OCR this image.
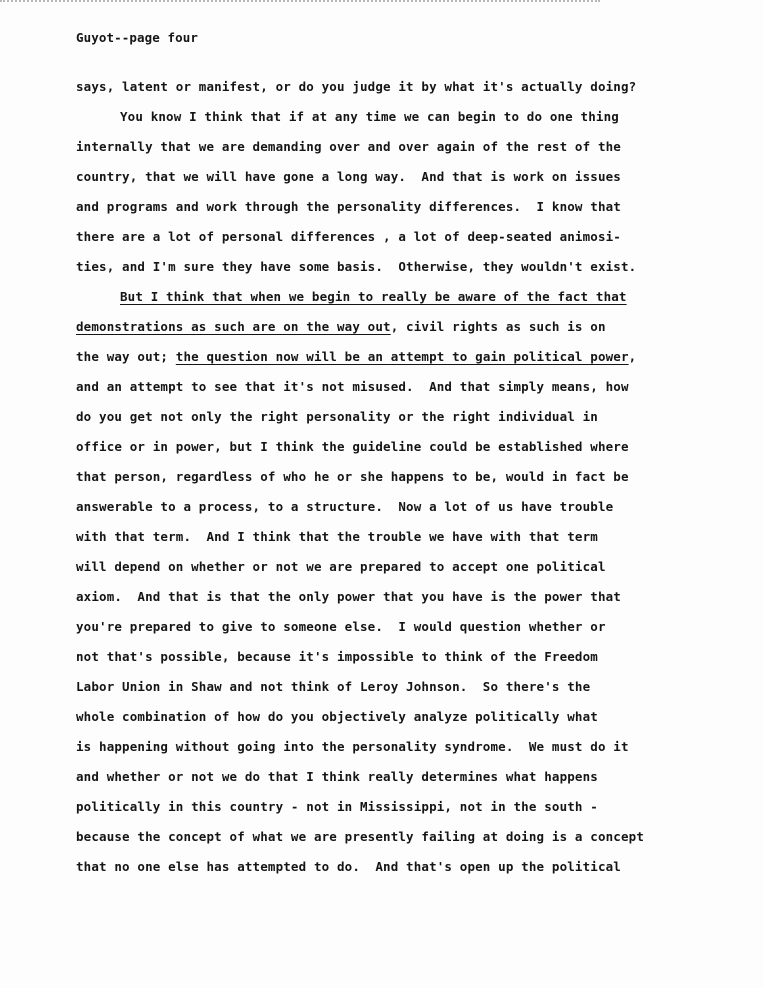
Guyot--page four
says, latent or manifest, or do you judge it by what it's actually doing?
You know I think that if at any time we can begin to do one thing
internally that we are demanding over and over again of the rest of the
country, that we will have gone a long way.  And that is work on issues
and programs and work through the personality differences.  I know that
there are a lot of personal differences , a lot of deep-seated animosi-
ties, and I'm sure they have some basis.  Otherwise, they wouldn't exist.
But I think that when we begin to really be aware of the fact that
demonstrations as such are on the way out, civil rights as such is on
the way out; the question now will be an attempt to gain political power,
and an attempt to see that it's not misused.  And that simply means, how
do you get not only the right personality or the right individual in
office or in power, but I think the guideline could be established where
that person, regardless of who he or she happens to be, would in fact be
answerable to a process, to a structure.  Now a lot of us have trouble
with that term.  And I think that the trouble we have with that term
will depend on whether or not we are prepared to accept one political
axiom.  And that is that the only power that you have is the power that
you're prepared to give to someone else.  I would question whether or
not that's possible, because it's impossible to think of the Freedom
Labor Union in Shaw and not think of Leroy Johnson.  So there's the
whole combination of how do you objectively analyze politically what
is happening without going into the personality syndrome.  We must do it
and whether or not we do that I think really determines what happens
politically in this country - not in Mississippi, not in the south -
because the concept of what we are presently failing at doing is a concept
that no one else has attempted to do.  And that's open up the political
